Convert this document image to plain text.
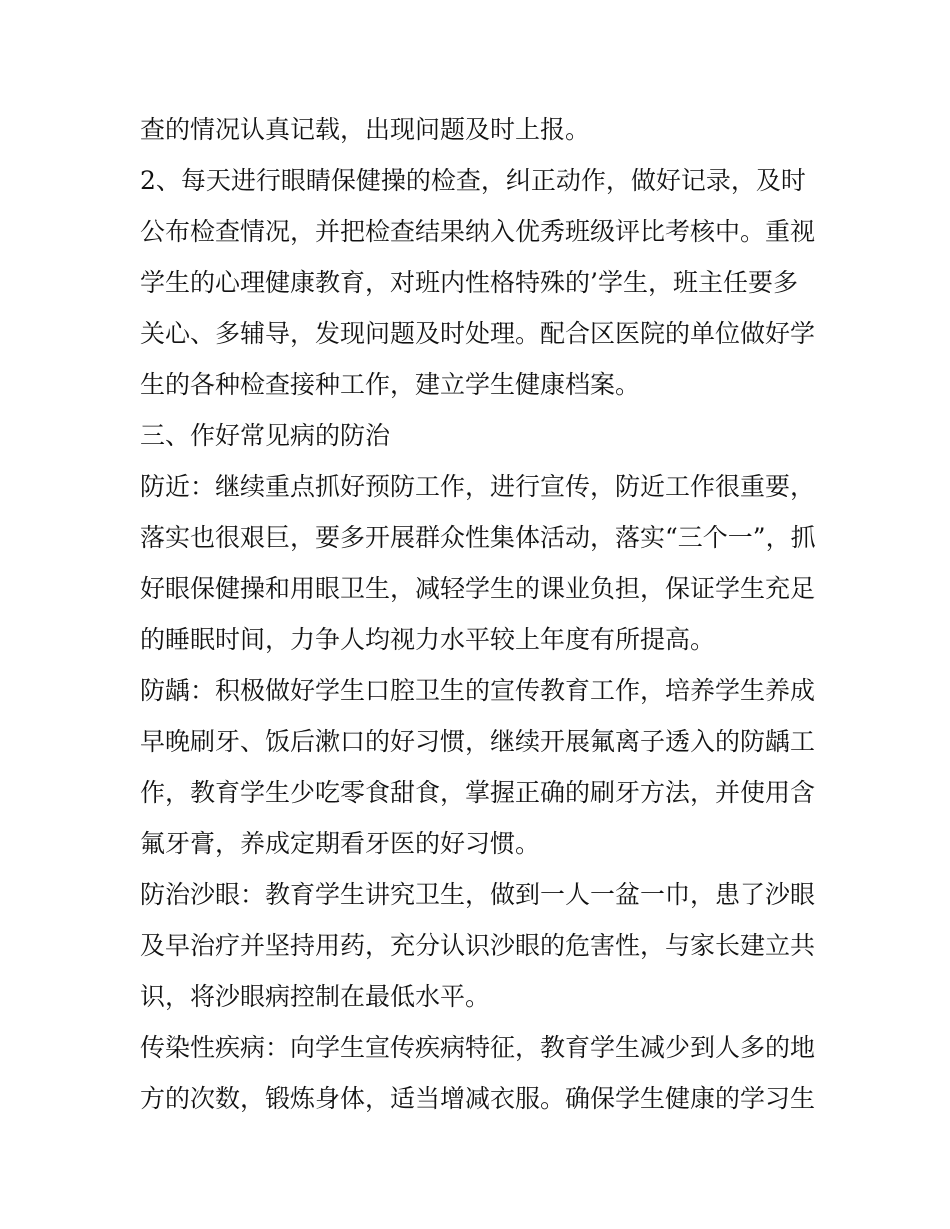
查的情况认真记载，出现问题及时上报。
2、每天进行眼睛保健操的检查，纠正动作，做好记录，及时
公布检查情况，并把检查结果纳入优秀班级评比考核中。重视
学生的心理健康教育，对班内性格特殊的’学生，班主任要多
关心、多辅导，发现问题及时处理。配合区医院的单位做好学
生的各种检查接种工作，建立学生健康档案。
三、作好常见病的防治
防近：继续重点抓好预防工作，进行宣传，防近工作很重要，
落实也很艰巨，要多开展群众性集体活动，落实“三个一”，抓
好眼保健操和用眼卫生，减轻学生的课业负担，保证学生充足
的睡眠时间，力争人均视力水平较上年度有所提高。
防龋：积极做好学生口腔卫生的宣传教育工作，培养学生养成
早晚刷牙、饭后漱口的好习惯，继续开展氟离子透入的防龋工
作，教育学生少吃零食甜食，掌握正确的刷牙方法，并使用含
氟牙膏，养成定期看牙医的好习惯。
防治沙眼：教育学生讲究卫生，做到一人一盆一巾，患了沙眼
及早治疗并坚持用药，充分认识沙眼的危害性，与家长建立共
识，将沙眼病控制在最低水平。
传染性疾病：向学生宣传疾病特征，教育学生减少到人多的地
方的次数，锻炼身体，适当增减衣服。确保学生健康的学习生
